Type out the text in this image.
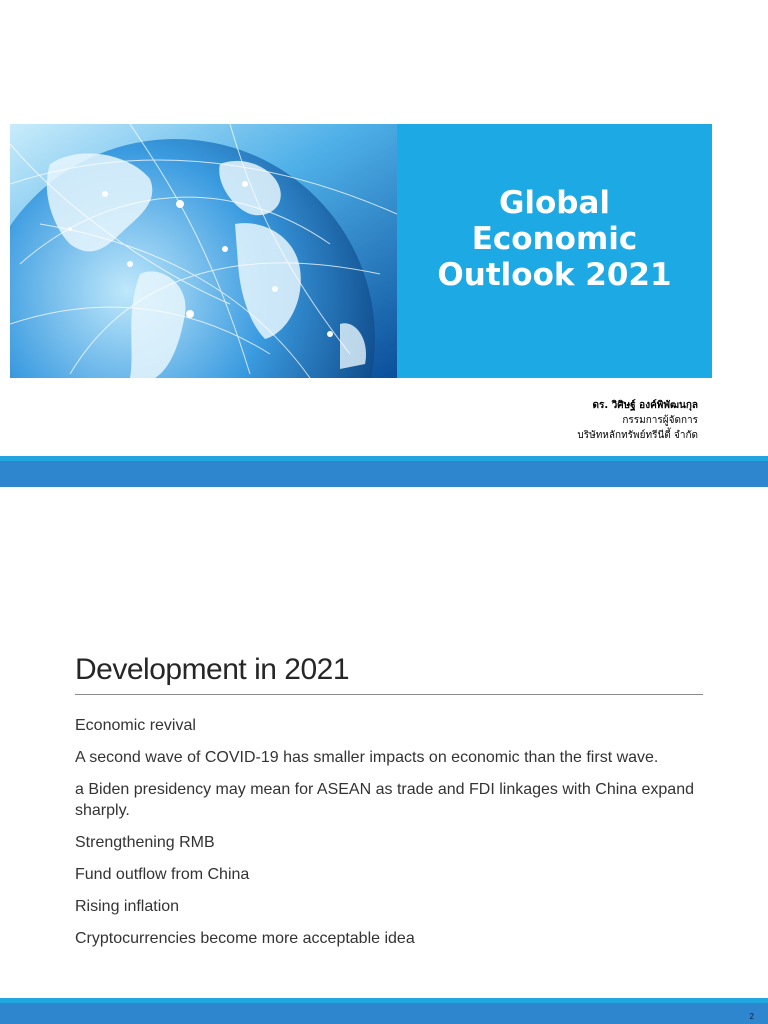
Global
Economic
Outlook 2021
ดร. วิศิษฐ์ องค์พิพัฒนกุล
กรรมการผู้จัดการ
บริษัทหลักทรัพย์ทรีนีตี้ จำกัด
Development in 2021
Economic revival
A second wave of COVID-19 has smaller impacts on economic than the first wave.
a Biden presidency may mean for ASEAN as trade and FDI linkages with China expand sharply.
Strengthening RMB
Fund outflow from China
Rising inflation
Cryptocurrencies become more acceptable idea
2
